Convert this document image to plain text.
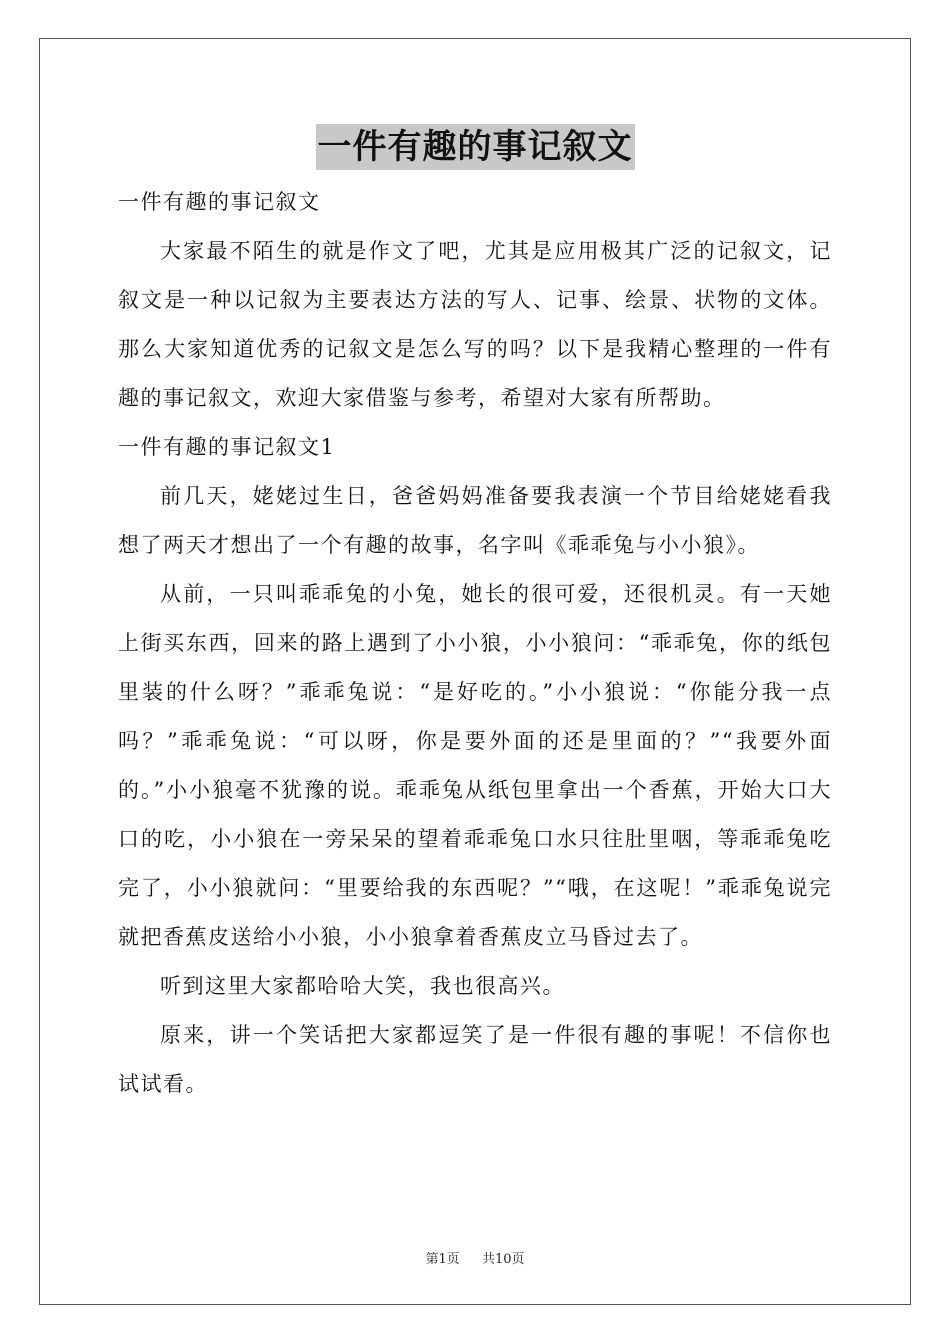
一件有趣的事记叙文

一件有趣的事记叙文

大家最不陌生的就是作文了吧，尤其是应用极其广泛的记叙文，记叙文是一种以记叙为主要表达方法的写人、记事、绘景、状物的文体。那么大家知道优秀的记叙文是怎么写的吗？以下是我精心整理的一件有趣的事记叙文，欢迎大家借鉴与参考，希望对大家有所帮助。

一件有趣的事记叙文1

前几天，姥姥过生日，爸爸妈妈准备要我表演一个节目给姥姥看我想了两天才想出了一个有趣的故事，名字叫《乖乖兔与小小狼》。

从前，一只叫乖乖兔的小兔，她长的很可爱，还很机灵。有一天她上街买东西，回来的路上遇到了小小狼，小小狼问：“乖乖兔，你的纸包里装的什么呀？”乖乖兔说：“是好吃的。”小小狼说：“你能分我一点吗？”乖乖兔说：“可以呀，你是要外面的还是里面的？”“我要外面的。”小小狼毫不犹豫的说。乖乖兔从纸包里拿出一个香蕉，开始大口大口的吃，小小狼在一旁呆呆的望着乖乖兔口水只往肚里咽，等乖乖兔吃完了，小小狼就问：“里要给我的东西呢？”“哦，在这呢！”乖乖兔说完就把香蕉皮送给小小狼，小小狼拿着香蕉皮立马昏过去了。

听到这里大家都哈哈大笑，我也很高兴。

原来，讲一个笑话把大家都逗笑了是一件很有趣的事呢！不信你也试试看。

第1页 共10页
